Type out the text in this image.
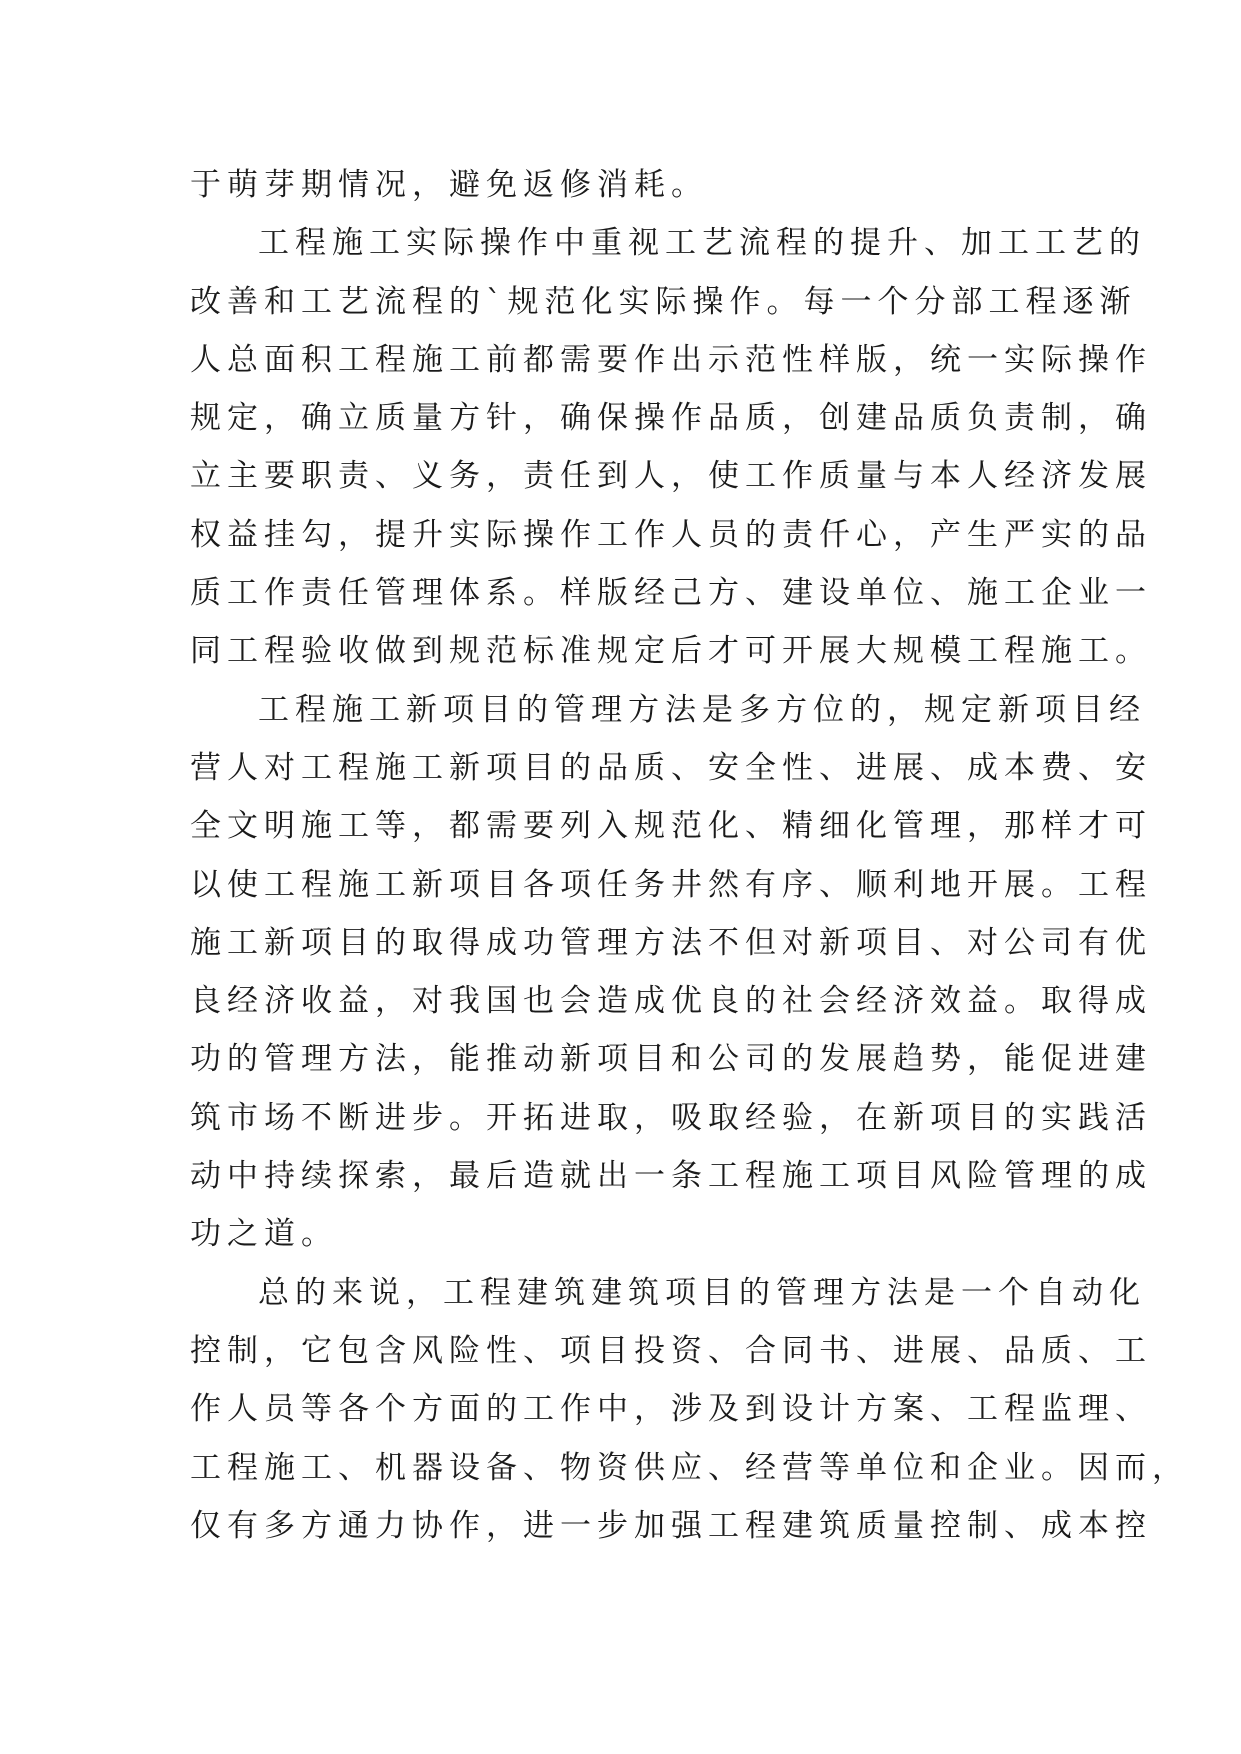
于萌芽期情况，避免返修消耗。
工程施工实际操作中重视工艺流程的提升、加工工艺的
改善和工艺流程的`规范化实际操作。每一个分部工程逐渐
人总面积工程施工前都需要作出示范性样版，统一实际操作
规定，确立质量方针，确保操作品质，创建品质负责制，确
立主要职责、义务，责任到人，使工作质量与本人经济发展
权益挂勾，提升实际操作工作人员的责仟心，产生严实的品
质工作责任管理体系。样版经己方、建设单位、施工企业一
同工程验收做到规范标准规定后才可开展大规模工程施工。
工程施工新项目的管理方法是多方位的，规定新项目经
营人对工程施工新项目的品质、安全性、进展、成本费、安
全文明施工等，都需要列入规范化、精细化管理，那样才可
以使工程施工新项目各项任务井然有序、顺利地开展。工程
施工新项目的取得成功管理方法不但对新项目、对公司有优
良经济收益，对我国也会造成优良的社会经济效益。取得成
功的管理方法，能推动新项目和公司的发展趋势，能促进建
筑市场不断进步。开拓进取，吸取经验，在新项目的实践活
动中持续探索，最后造就出一条工程施工项目风险管理的成
功之道。
总的来说，工程建筑建筑项目的管理方法是一个自动化
控制，它包含风险性、项目投资、合同书、进展、品质、工
作人员等各个方面的工作中，涉及到设计方案、工程监理、
工程施工、机器设备、物资供应、经营等单位和企业。因而，
仅有多方通力协作，进一步加强工程建筑质量控制、成本控
